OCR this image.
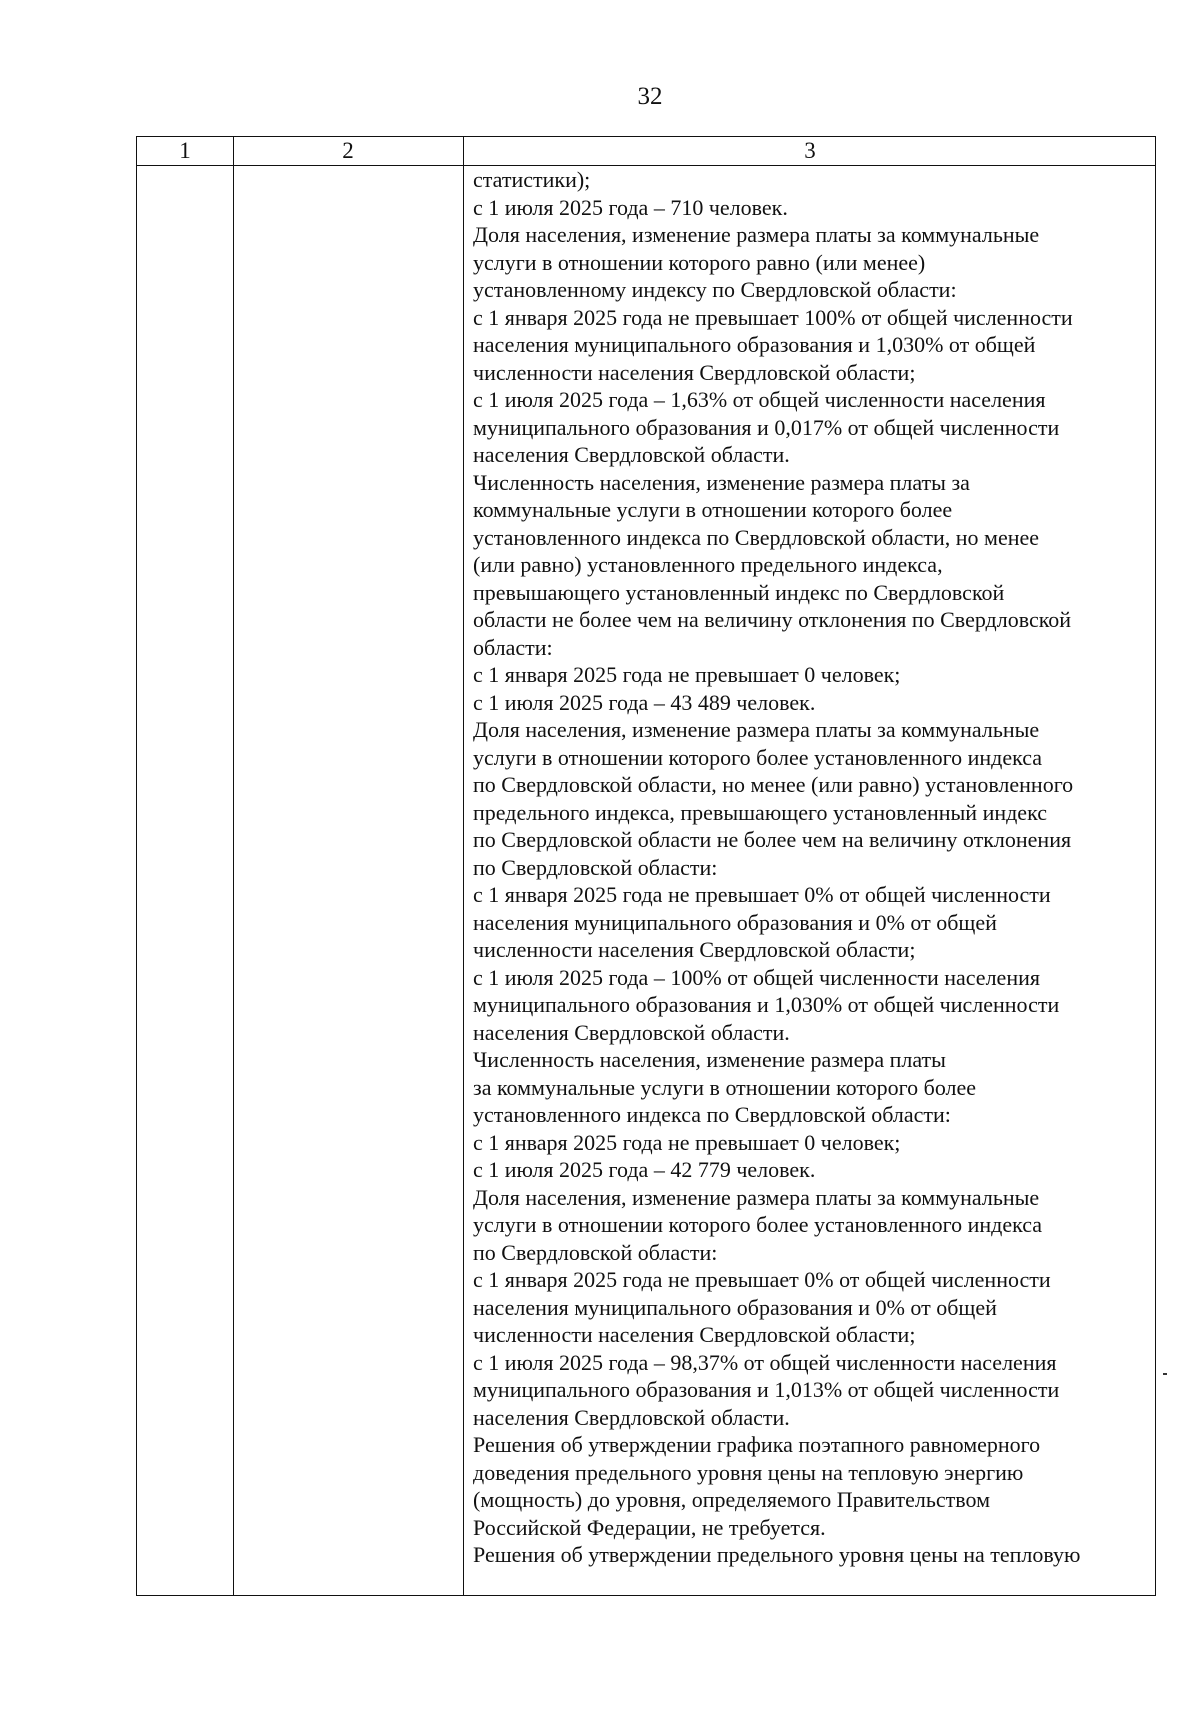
32
1	2	3
статистики);
с 1 июля 2025 года – 710 человек.
Доля населения, изменение размера платы за коммунальные
услуги в отношении которого равно (или менее)
установленному индексу по Свердловской области:
с 1 января 2025 года не превышает 100% от общей численности
населения муниципального образования и 1,030% от общей
численности населения Свердловской области;
с 1 июля 2025 года – 1,63% от общей численности населения
муниципального образования и 0,017% от общей численности
населения Свердловской области.
Численность населения, изменение размера платы за
коммунальные услуги в отношении которого более
установленного индекса по Свердловской области, но менее
(или равно) установленного предельного индекса,
превышающего установленный индекс по Свердловской
области не более чем на величину отклонения по Свердловской
области:
с 1 января 2025 года не превышает 0 человек;
с 1 июля 2025 года – 43 489 человек.
Доля населения, изменение размера платы за коммунальные
услуги в отношении которого более установленного индекса
по Свердловской области, но менее (или равно) установленного
предельного индекса, превышающего установленный индекс
по Свердловской области не более чем на величину отклонения
по Свердловской области:
с 1 января 2025 года не превышает 0% от общей численности
населения муниципального образования и 0% от общей
численности населения Свердловской области;
с 1 июля 2025 года – 100% от общей численности населения
муниципального образования и 1,030% от общей численности
населения Свердловской области.
Численность населения, изменение размера платы
за коммунальные услуги в отношении которого более
установленного индекса по Свердловской области:
с 1 января 2025 года не превышает 0 человек;
с 1 июля 2025 года – 42 779 человек.
Доля населения, изменение размера платы за коммунальные
услуги в отношении которого более установленного индекса
по Свердловской области:
с 1 января 2025 года не превышает 0% от общей численности
населения муниципального образования и 0% от общей
численности населения Свердловской области;
с 1 июля 2025 года – 98,37% от общей численности населения
муниципального образования и 1,013% от общей численности
населения Свердловской области.
Решения об утверждении графика поэтапного равномерного
доведения предельного уровня цены на тепловую энергию
(мощность) до уровня, определяемого Правительством
Российской Федерации, не требуется.
Решения об утверждении предельного уровня цены на тепловую
